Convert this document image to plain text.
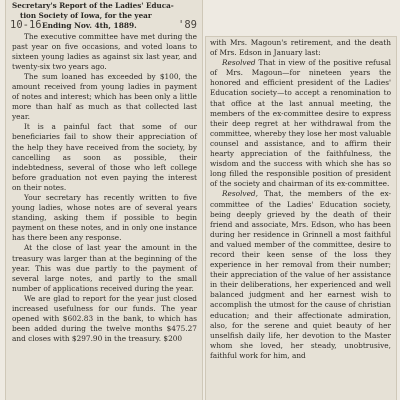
Secretary's Report of the Ladies' Educa-
tion Society of Iowa, for the year
10-16	'89
Ending Nov. 4th, 1889.

The executive committee have met during the past year on five occasions, and voted loans to sixteen young ladies as against six last year, and twenty-six two years ago.

The sum loaned has exceeded by $100, the amount received from young ladies in payment of notes and interest; which has been only a little more than half as much as that collected last year.

It is a painful fact that some of our beneficiaries fail to show their appreciation of the help they have received from the society, by cancelling as soon as possible, their indebtedness, several of those who left college before graduation not even paying the interest on their notes.

Your secretary has recently written to five young ladies, whose notes are of several years standing, asking them if possible to begin payment on these notes, and in only one instance has there been any response.

At the close of last year the amount in the treasury was larger than at the beginning of the year. This was due partly to the payment of several large notes, and partly to the small number of applications received during the year.

We are glad to report for the year just closed increased usefulness for our funds. The year opened with $602.83 in the bank, to which has been added during the twelve months $475.27 and closes with $297.90 in the treasury. $200

with Mrs. Magoun's retirement, and the death of Mrs. Edson in January last:

Resolved That in view of the positive refusal of Mrs. Magoun—for nineteen years the honored and efficient president of the Ladies' Education society—to accept a renomination to that office at the last annual meeting, the members of the ex-committee desire to express their deep regret at her withdrawal from the committee, whereby they lose her most valuable counsel and assistance, and to affirm their hearty appreciation of the faithfulness, the wisdom and the success with which she has so long filled the responsible position of president of the society and chairman of its ex-committee.

Resolved, That, the members of the ex-committee of the Ladies' Education society, being deeply grieved by the death of their friend and associate, Mrs. Edson, who has been during her residence in Grinnell a most faithful and valued member of the committee, desire to record their keen sense of the loss they experience in her removal from their number; their appreciation of the value of her assistance in their deliberations, her experienced and well balanced judgment and her earnest wish to accomplish the utmost for the cause of christian education; and their affectionate admiration, also, for the serene and quiet beauty of her unselfish daily life, her devotion to the Master whom she loved, her steady, unobtrusive, faithful work for him, and
